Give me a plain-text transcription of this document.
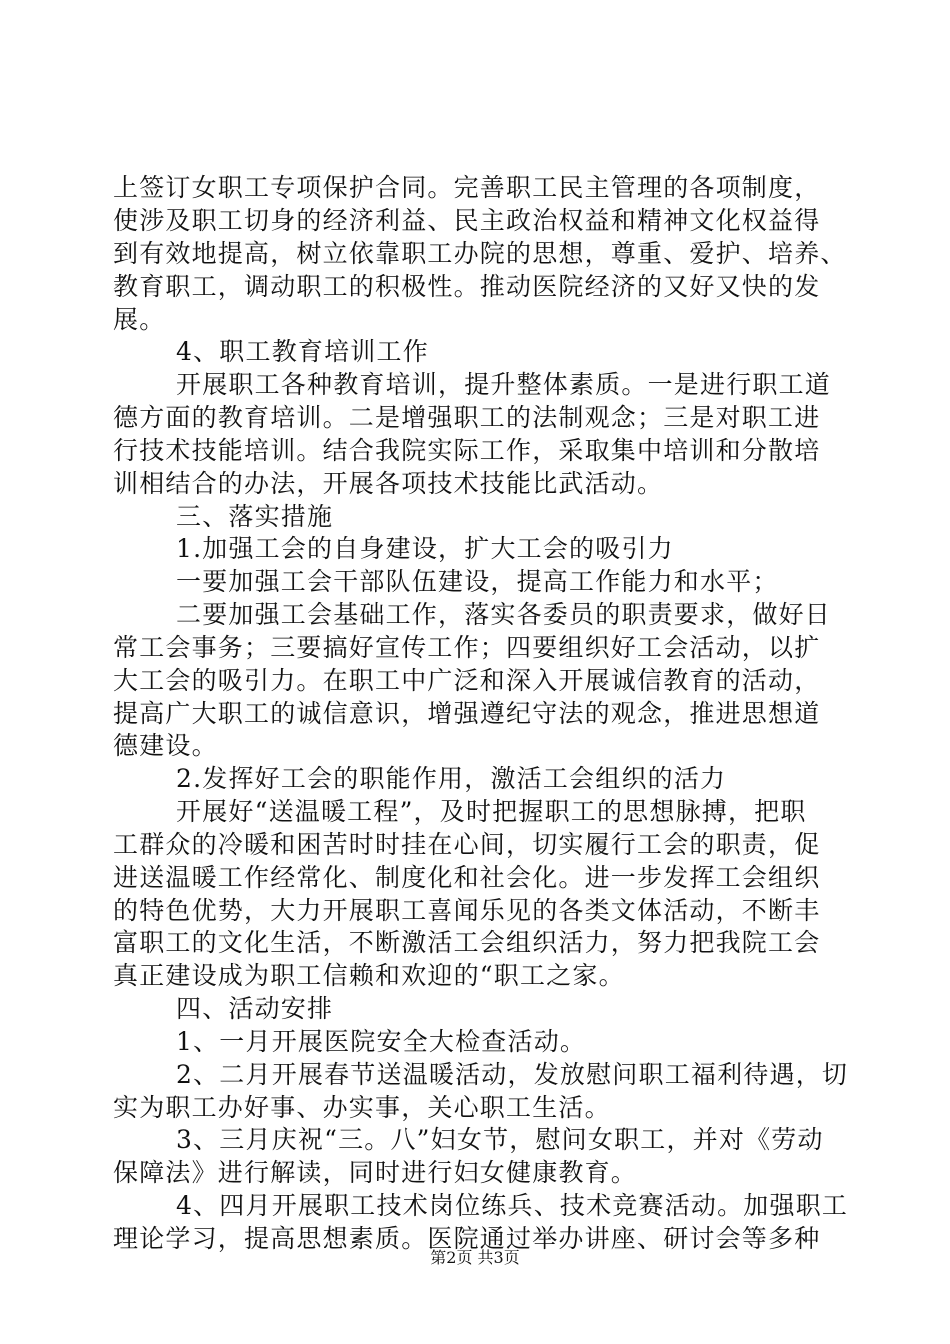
上签订女职工专项保护合同。完善职工民主管理的各项制度，
使涉及职工切身的经济利益、民主政治权益和精神文化权益得
到有效地提高，树立依靠职工办院的思想，尊重、爱护、培养、
教育职工，调动职工的积极性。推动医院经济的又好又快的发
展。
4、职工教育培训工作
开展职工各种教育培训，提升整体素质。一是进行职工道
德方面的教育培训。二是增强职工的法制观念；三是对职工进
行技术技能培训。结合我院实际工作，采取集中培训和分散培
训相结合的办法，开展各项技术技能比武活动。
三、落实措施
1.加强工会的自身建设，扩大工会的吸引力
一要加强工会干部队伍建设，提高工作能力和水平；
二要加强工会基础工作，落实各委员的职责要求，做好日
常工会事务；三要搞好宣传工作；四要组织好工会活动，以扩
大工会的吸引力。在职工中广泛和深入开展诚信教育的活动，
提高广大职工的诚信意识，增强遵纪守法的观念，推进思想道
德建设。
2.发挥好工会的职能作用，激活工会组织的活力
开展好“送温暖工程”，及时把握职工的思想脉搏，把职
工群众的冷暖和困苦时时挂在心间，切实履行工会的职责，促
进送温暖工作经常化、制度化和社会化。进一步发挥工会组织
的特色优势，大力开展职工喜闻乐见的各类文体活动，不断丰
富职工的文化生活，不断激活工会组织活力，努力把我院工会
真正建设成为职工信赖和欢迎的“职工之家。
四、活动安排
1、一月开展医院安全大检查活动。
2、二月开展春节送温暖活动，发放慰问职工福利待遇，切
实为职工办好事、办实事，关心职工生活。
3、三月庆祝“三。八”妇女节，慰问女职工，并对《劳动
保障法》进行解读，同时进行妇女健康教育。
4、四月开展职工技术岗位练兵、技术竞赛活动。加强职工
理论学习，提高思想素质。医院通过举办讲座、研讨会等多种
第2页 共3页
